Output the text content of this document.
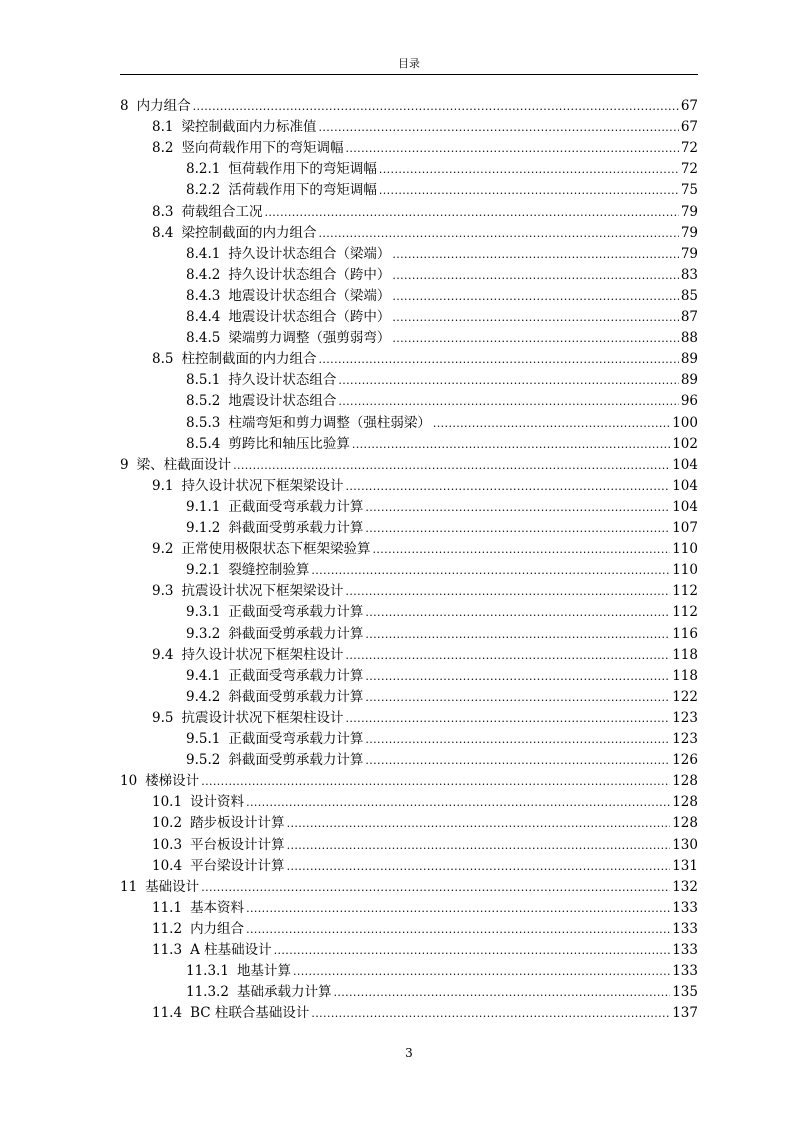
目录
8 内力组合 .....	67
8.1 梁控制截面内力标准值 .....	67
8.2 竖向荷载作用下的弯矩调幅 .....	72
8.2.1 恒荷载作用下的弯矩调幅 .....	72
8.2.2 活荷载作用下的弯矩调幅 .....	75
8.3 荷载组合工况 .....	79
8.4 梁控制截面的内力组合 .....	79
8.4.1 持久设计状态组合（梁端） .....	79
8.4.2 持久设计状态组合（跨中） .....	83
8.4.3 地震设计状态组合（梁端） .....	85
8.4.4 地震设计状态组合（跨中） .....	87
8.4.5 梁端剪力调整（强剪弱弯） .....	88
8.5 柱控制截面的内力组合 .....	89
8.5.1 持久设计状态组合 .....	89
8.5.2 地震设计状态组合 .....	96
8.5.3 柱端弯矩和剪力调整（强柱弱梁） .....	100
8.5.4 剪跨比和轴压比验算 .....	102
9 梁、柱截面设计 .....	104
9.1 持久设计状况下框架梁设计 .....	104
9.1.1 正截面受弯承载力计算 .....	104
9.1.2 斜截面受剪承载力计算 .....	107
9.2 正常使用极限状态下框架梁验算 .....	110
9.2.1 裂缝控制验算 .....	110
9.3 抗震设计状况下框架梁设计 .....	112
9.3.1 正截面受弯承载力计算 .....	112
9.3.2 斜截面受剪承载力计算 .....	116
9.4 持久设计状况下框架柱设计 .....	118
9.4.1 正截面受弯承载力计算 .....	118
9.4.2 斜截面受剪承载力计算 .....	122
9.5 抗震设计状况下框架柱设计 .....	123
9.5.1 正截面受弯承载力计算 .....	123
9.5.2 斜截面受剪承载力计算 .....	126
10 楼梯设计 .....	128
10.1 设计资料 .....	128
10.2 踏步板设计计算 .....	128
10.3 平台板设计计算 .....	130
10.4 平台梁设计计算 .....	131
11 基础设计 .....	132
11.1 基本资料 .....	133
11.2 内力组合 .....	133
11.3 A 柱基础设计 .....	133
11.3.1 地基计算 .....	133
11.3.2 基础承载力计算 .....	135
11.4 BC 柱联合基础设计 .....	137
3
